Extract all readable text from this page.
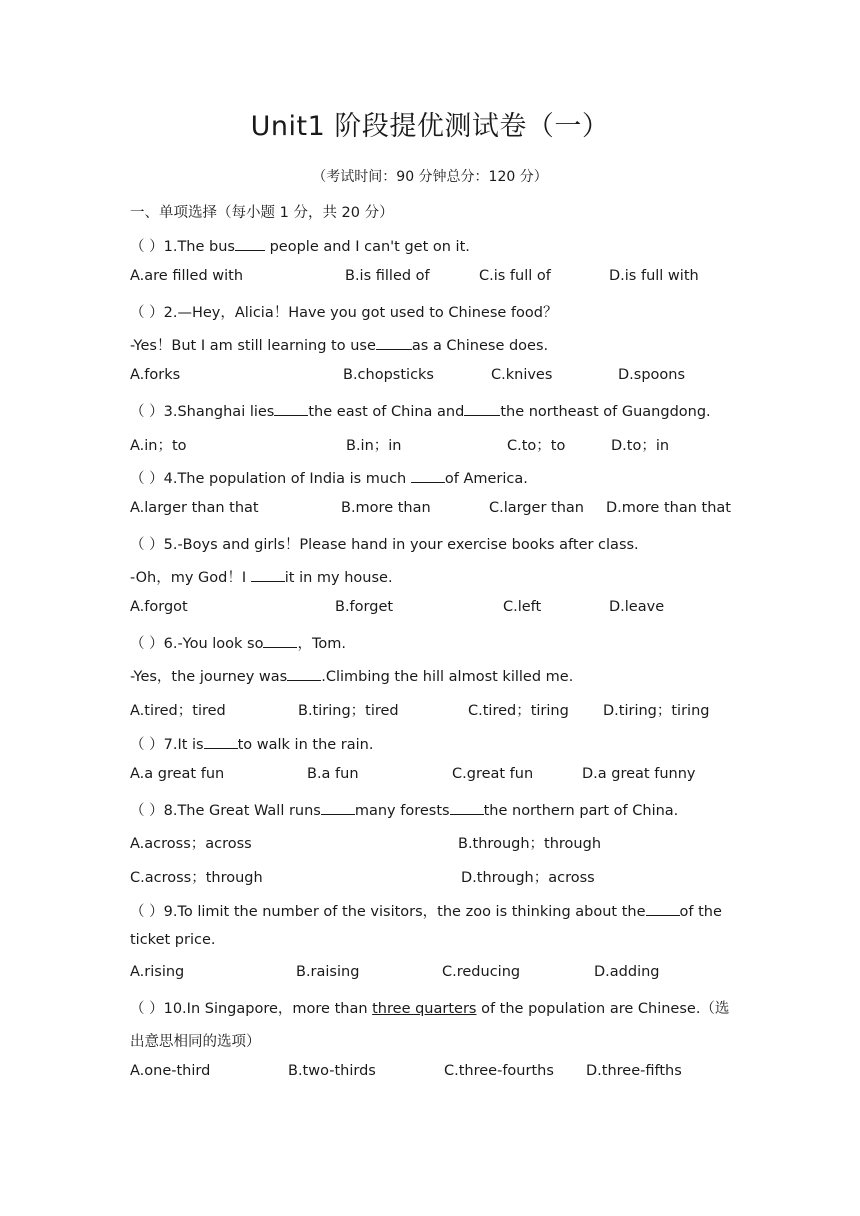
Unit1 阶段提优测试卷（一）
（考试时间：90 分钟总分：120 分）
一、单项选择（每小题 1 分，共 20 分）
（ ）1.The bus people and I can't get on it.
A.are filled with	B.is filled of	C.is full of	D.is full with
（ ）2.—Hey，Alicia！Have you got used to Chinese food？
-Yes！But I am still learning to use as a Chinese does.
A.forks	B.chopsticks	C.knives	D.spoons
（ ）3.Shanghai lies the east of China and the northeast of Guangdong.
A.in；to	B.in；in	C.to；to	D.to；in
（ ）4.The population of India is much of America.
A.larger than that	B.more than	C.larger than D.more than that
（ ）5.-Boys and girls！Please hand in your exercise books after class.
-Oh，my God！I it in my house.
A.forgot	B.forget	C.left	D.leave
（ ）6.-You look so ，Tom.
-Yes，the journey was .Climbing the hill almost killed me.
A.tired；tired	B.tiring；tired	C.tired；tiring D.tiring；tiring
（ ）7.It is to walk in the rain.
A.a great fun	B.a fun	C.great fun	D.a great funny
（ ）8.The Great Wall runs many forests the northern part of China.
A.across；across	B.through；through
C.across；through	D.through；across
（ ）9.To limit the number of the visitors，the zoo is thinking about the of the
ticket price.
A.rising	B.raising	C.reducing	D.adding
（ ）10.In Singapore，more than three quarters of the population are Chinese.（选
出意思相同的选项）
A.one-third	B.two-thirds	C.three-fourths D.three-fifths
